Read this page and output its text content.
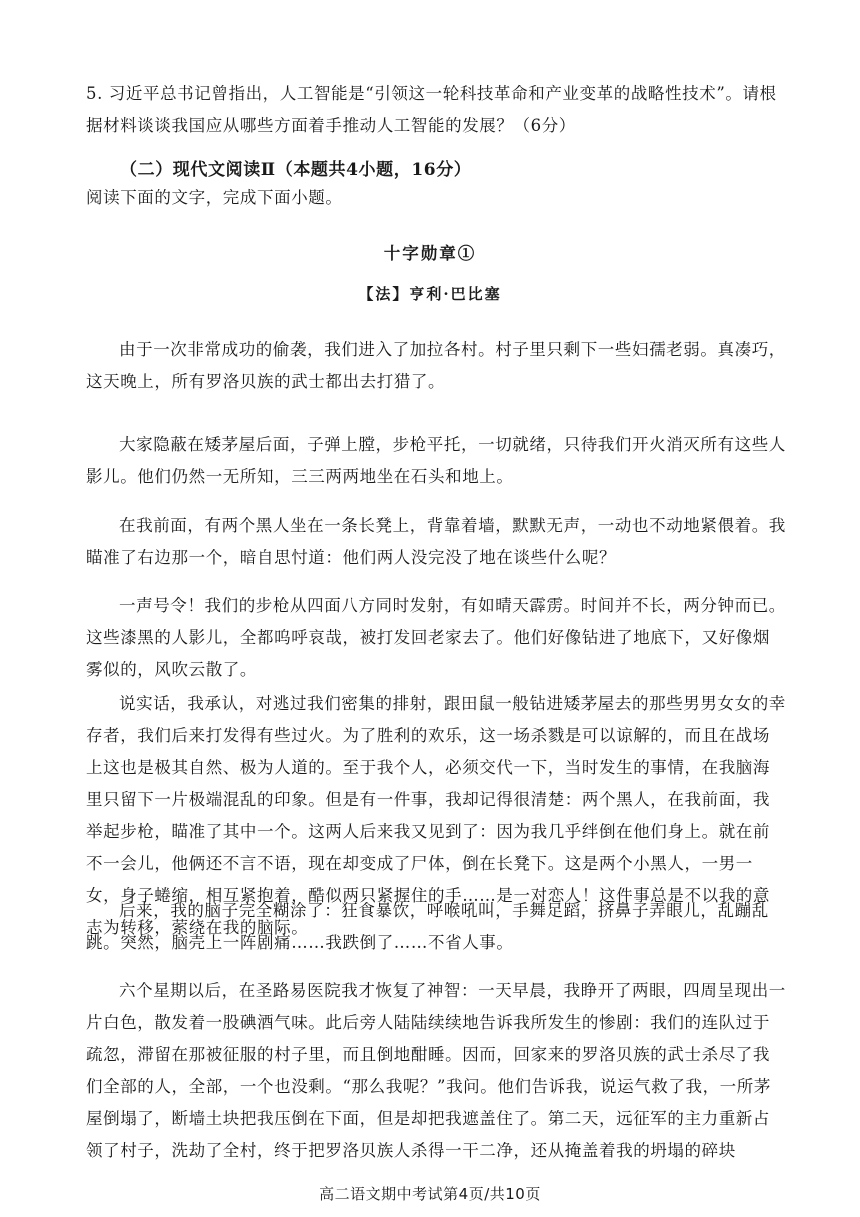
5. 习近平总书记曾指出，人工智能是“引领这一轮科技革命和产业变革的战略性技术”。请根据材料谈谈我国应从哪些方面着手推动人工智能的发展？（6分）
（二）现代文阅读Ⅱ（本题共4小题，16分）
阅读下面的文字，完成下面小题。
十字勋章①
【法】亨利·巴比塞
由于一次非常成功的偷袭，我们进入了加拉各村。村子里只剩下一些妇孺老弱。真凑巧，这天晚上，所有罗洛贝族的武士都出去打猎了。
大家隐蔽在矮茅屋后面，子弹上膛，步枪平托，一切就绪，只待我们开火消灭所有这些人影儿。他们仍然一无所知，三三两两地坐在石头和地上。
在我前面，有两个黑人坐在一条长凳上，背靠着墙，默默无声，一动也不动地紧偎着。我瞄准了右边那一个，暗自思忖道：他们两人没完没了地在谈些什么呢？
一声号令！我们的步枪从四面八方同时发射，有如晴天霹雳。时间并不长，两分钟而已。这些漆黑的人影儿，全都呜呼哀哉，被打发回老家去了。他们好像钻进了地底下，又好像烟雾似的，风吹云散了。
说实话，我承认，对逃过我们密集的排射，跟田鼠一般钻进矮茅屋去的那些男男女女的幸存者，我们后来打发得有些过火。为了胜利的欢乐，这一场杀戮是可以谅解的，而且在战场上这也是极其自然、极为人道的。至于我个人，必须交代一下，当时发生的事情，在我脑海里只留下一片极端混乱的印象。但是有一件事，我却记得很清楚：两个黑人，在我前面，我举起步枪，瞄准了其中一个。这两人后来我又见到了：因为我几乎绊倒在他们身上。就在前不一会儿，他俩还不言不语，现在却变成了尸体，倒在长凳下。这是两个小黑人，一男一女，身子蜷缩，相互紧抱着，酷似两只紧握住的手……是一对恋人！这件事总是不以我的意志为转移，萦绕在我的脑际。
后来，我的脑子完全糊涂了：狂食暴饮，呼喉吼叫，手舞足蹈，挤鼻子弄眼儿，乱蹦乱跳。突然，脑壳上一阵剧痛……我跌倒了……不省人事。
六个星期以后，在圣路易医院我才恢复了神智：一天早晨，我睁开了两眼，四周呈现出一片白色，散发着一股碘酒气味。此后旁人陆陆续续地告诉我所发生的惨剧：我们的连队过于疏忽，滞留在那被征服的村子里，而且倒地酣睡。因而，回家来的罗洛贝族的武士杀尽了我们全部的人，全部，一个也没剩。“那么我呢？”我问。他们告诉我，说运气救了我，一所茅屋倒塌了，断墙土块把我压倒在下面，但是却把我遮盖住了。第二天，远征军的主力重新占领了村子，洗劫了全村，终于把罗洛贝族人杀得一干二净，还从掩盖着我的坍塌的碎块
高二语文期中考试第4页/共10页
